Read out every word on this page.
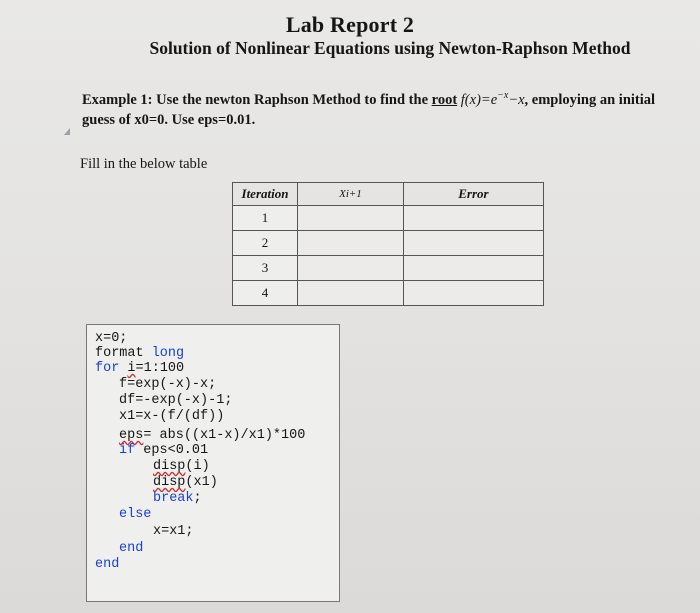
Lab Report 2
Solution of Nonlinear Equations using Newton-Raphson Method
Example 1: Use the newton Raphson Method to find the root $f(x)=e^{-x}-x$, employing an initial
guess of x0=0. Use eps=0.01.
Fill in the below table
Iteration	Xi+1	Error
1		
2		
3		
4		
x=0;
format long
for i=1:100
f=exp(-x)-x;
df=-exp(-x)-1;
x1=x-(f/(df))
eps= abs((x1-x)/x1)*100
if eps<0.01
disp(i)
disp(x1)
break;
else
x=x1;
end
end
